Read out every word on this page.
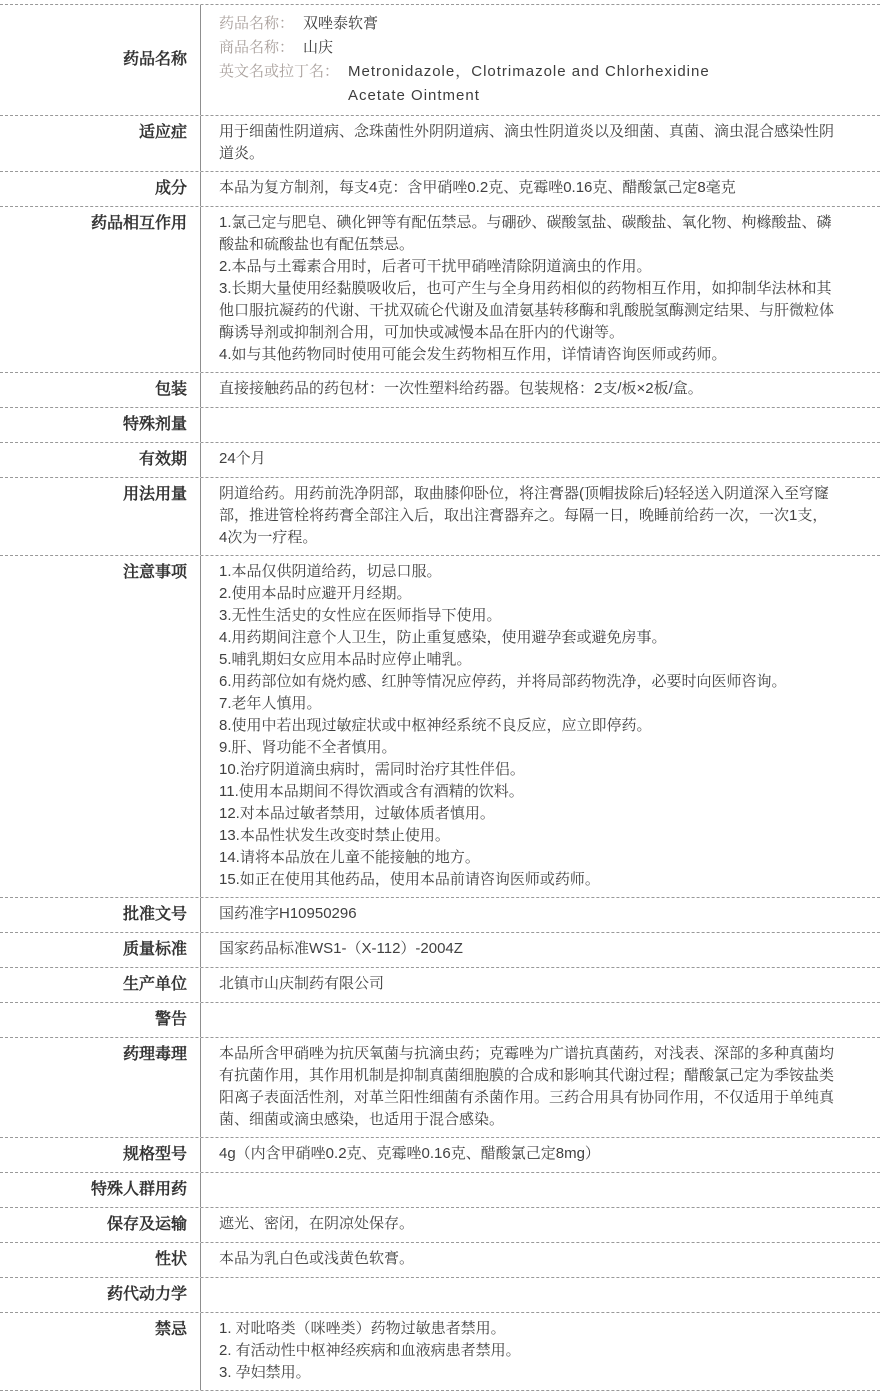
药品名称
药品名称： 双唑泰软膏
商品名称： 山庆
英文名或拉丁名： Metronidazole，Clotrimazole and Chlorhexidine
Acetate Ointment
适应症	用于细菌性阴道病、念珠菌性外阴阴道病、滴虫性阴道炎以及细菌、真菌、滴虫混合感染性阴道炎。
成分	本品为复方制剂，每支4克：含甲硝唑0.2克、克霉唑0.16克、醋酸氯己定8毫克
药品相互作用	1.氯己定与肥皂、碘化钾等有配伍禁忌。与硼砂、碳酸氢盐、碳酸盐、氧化物、枸橼酸盐、磷酸盐和硫酸盐也有配伍禁忌。
2.本品与土霉素合用时，后者可干扰甲硝唑清除阴道滴虫的作用。
3.长期大量使用经黏膜吸收后，也可产生与全身用药相似的药物相互作用，如抑制华法林和其他口服抗凝药的代谢、干扰双硫仑代谢及血清氨基转移酶和乳酸脱氢酶测定结果、与肝微粒体酶诱导剂或抑制剂合用，可加快或减慢本品在肝内的代谢等。
4.如与其他药物同时使用可能会发生药物相互作用，详情请咨询医师或药师。
包装	直接接触药品的药包材：一次性塑料给药器。包装规格：2支/板×2板/盒。
特殊剂量
有效期	24个月
用法用量	阴道给药。用药前洗净阴部，取曲膝仰卧位，将注膏器(顶帽拔除后)轻轻送入阴道深入至穹窿部，推进管栓将药膏全部注入后，取出注膏器弃之。每隔一日，晚睡前给药一次，一次1支，4次为一疗程。
注意事项	1.本品仅供阴道给药，切忌口服。
2.使用本品时应避开月经期。
3.无性生活史的女性应在医师指导下使用。
4.用药期间注意个人卫生，防止重复感染，使用避孕套或避免房事。
5.哺乳期妇女应用本品时应停止哺乳。
6.用药部位如有烧灼感、红肿等情况应停药，并将局部药物洗净，必要时向医师咨询。
7.老年人慎用。
8.使用中若出现过敏症状或中枢神经系统不良反应，应立即停药。
9.肝、肾功能不全者慎用。
10.治疗阴道滴虫病时，需同时治疗其性伴侣。
11.使用本品期间不得饮酒或含有酒精的饮料。
12.对本品过敏者禁用，过敏体质者慎用。
13.本品性状发生改变时禁止使用。
14.请将本品放在儿童不能接触的地方。
15.如正在使用其他药品，使用本品前请咨询医师或药师。
批准文号	国药准字H10950296
质量标准	国家药品标准WS1-（X-112）-2004Z
生产单位	北镇市山庆制药有限公司
警告
药理毒理	本品所含甲硝唑为抗厌氧菌与抗滴虫药；克霉唑为广谱抗真菌药，对浅表、深部的多种真菌均有抗菌作用，其作用机制是抑制真菌细胞膜的合成和影响其代谢过程；醋酸氯己定为季铵盐类阳离子表面活性剂，对革兰阳性细菌有杀菌作用。三药合用具有协同作用，不仅适用于单纯真菌、细菌或滴虫感染，也适用于混合感染。
规格型号	4g（内含甲硝唑0.2克、克霉唑0.16克、醋酸氯己定8mg）
特殊人群用药
保存及运输	遮光、密闭，在阴凉处保存。
性状	本品为乳白色或浅黄色软膏。
药代动力学
禁忌	1. 对吡咯类（咪唑类）药物过敏患者禁用。
2. 有活动性中枢神经疾病和血液病患者禁用。
3. 孕妇禁用。
